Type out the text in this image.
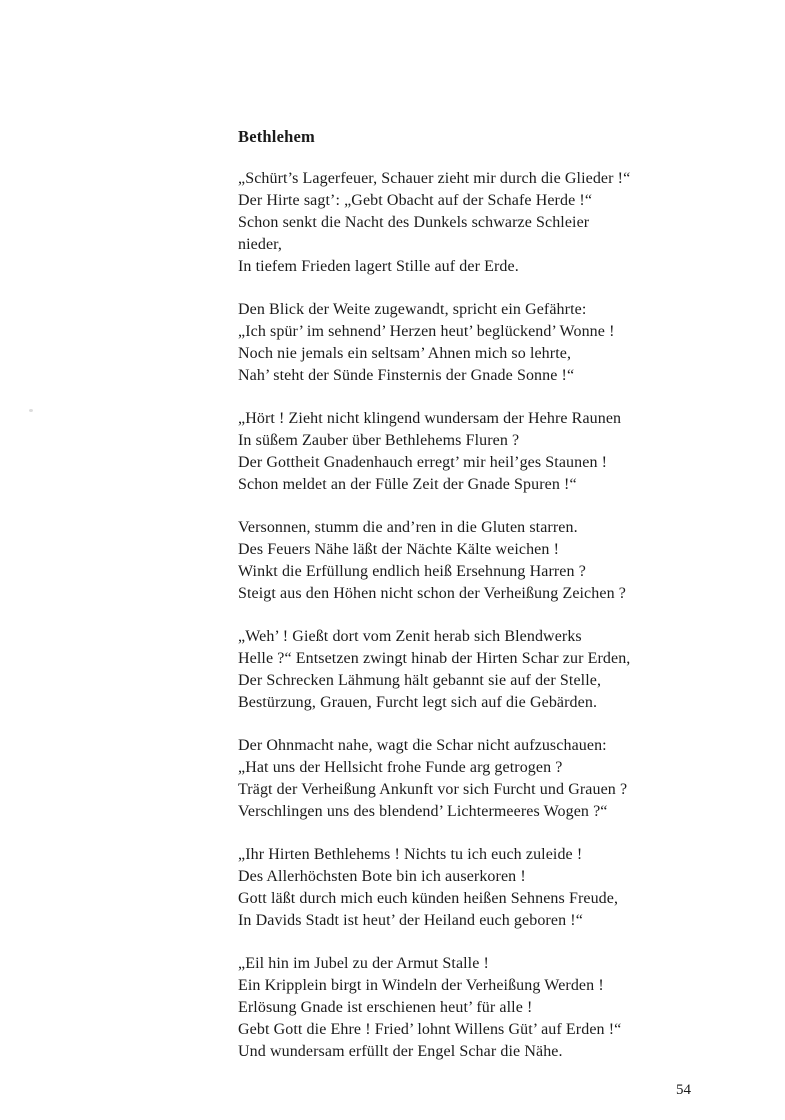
Bethlehem
„Schürt’s Lagerfeuer, Schauer zieht mir durch die Glieder !“
Der Hirte sagt’: „Gebt Obacht auf der Schafe Herde !“
Schon senkt die Nacht des Dunkels schwarze Schleier
nieder,
In tiefem Frieden lagert Stille auf der Erde.
Den Blick der Weite zugewandt, spricht ein Gefährte:
„Ich spür’ im sehnend’ Herzen heut’ beglückend’ Wonne !
Noch nie jemals ein seltsam’ Ahnen mich so lehrte,
Nah’ steht der Sünde Finsternis der Gnade Sonne !“
„Hört ! Zieht nicht klingend wundersam der Hehre Raunen
In süßem Zauber über Bethlehems Fluren ?
Der Gottheit Gnadenhauch erregt’ mir heil’ges Staunen !
Schon meldet an der Fülle Zeit der Gnade Spuren !“
Versonnen, stumm die and’ren in die Gluten starren.
Des Feuers Nähe läßt der Nächte Kälte weichen !
Winkt die Erfüllung endlich heiß Ersehnung Harren ?
Steigt aus den Höhen nicht schon der Verheißung Zeichen ?
„Weh’ ! Gießt dort vom Zenit herab sich Blendwerks
Helle ?“ Entsetzen zwingt hinab der Hirten Schar zur Erden,
Der Schrecken Lähmung hält gebannt sie auf der Stelle,
Bestürzung, Grauen, Furcht legt sich auf die Gebärden.
Der Ohnmacht nahe, wagt die Schar nicht aufzuschauen:
„Hat uns der Hellsicht frohe Funde arg getrogen ?
Trägt der Verheißung Ankunft vor sich Furcht und Grauen ?
Verschlingen uns des blendend’ Lichtermeeres Wogen ?“
„Ihr Hirten Bethlehems ! Nichts tu ich euch zuleide !
Des Allerhöchsten Bote bin ich auserkoren !
Gott läßt durch mich euch künden heißen Sehnens Freude,
In Davids Stadt ist heut’ der Heiland euch geboren !“
„Eil hin im Jubel zu der Armut Stalle !
Ein Kripplein birgt in Windeln der Verheißung Werden !
Erlösung Gnade ist erschienen heut’ für alle !
Gebt Gott die Ehre ! Fried’ lohnt Willens Güt’ auf Erden !“
Und wundersam erfüllt der Engel Schar die Nähe.
54
